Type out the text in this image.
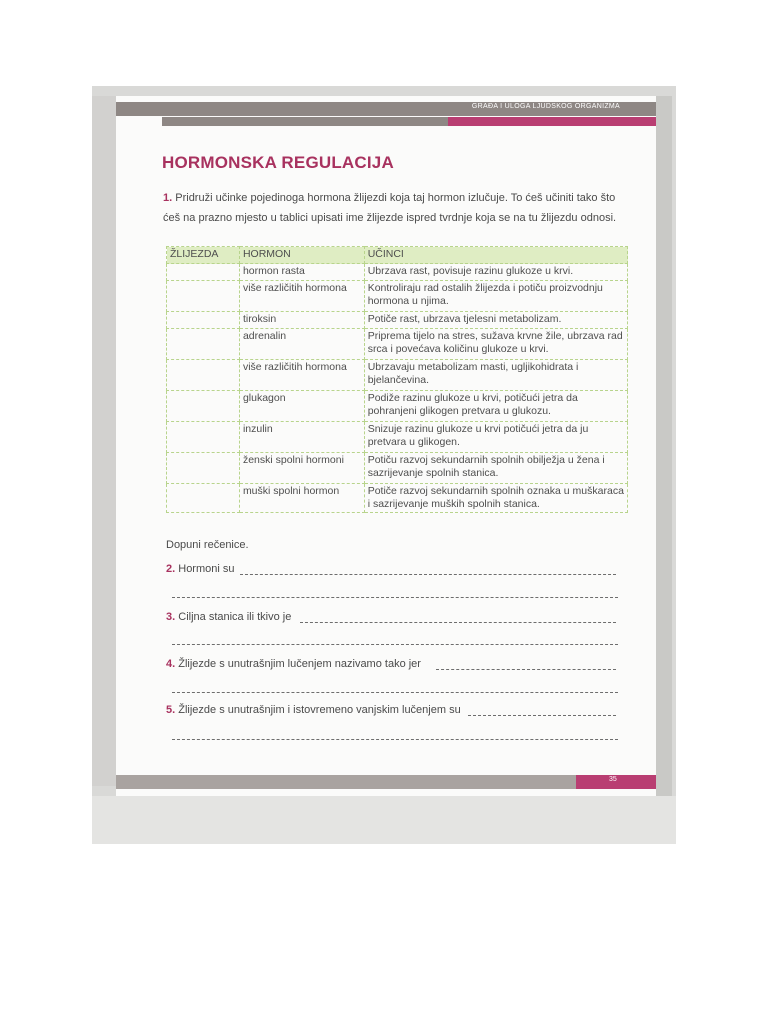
GRAĐA I ULOGA LJUDSKOG ORGANIZMA
HORMONSKA REGULACIJA
1. Pridruži učinke pojedinoga hormona žlijezdi koja taj hormon izlučuje. To ćeš učiniti tako što ćeš na prazno mjesto u tablici upisati ime žlijezde ispred tvrdnje koja se na tu žlijezdu odnosi.
ŽLIJEZDA	HORMON	UČINCI
	hormon rasta	Ubrzava rast, povisuje razinu glukoze u krvi.
	više različitih hormona	Kontroliraju rad ostalih žlijezda i potiču proizvodnju hormona u njima.
	tiroksin	Potiče rast, ubrzava tjelesni metabolizam.
	adrenalin	Priprema tijelo na stres, sužava krvne žile, ubrzava rad srca i povećava količinu glukoze u krvi.
	više različitih hormona	Ubrzavaju metabolizam masti, ugljikohidrata i bjelančevina.
	glukagon	Podiže razinu glukoze u krvi, potičući jetra da pohranjeni glikogen pretvara u glukozu.
	inzulin	Snizuje razinu glukoze u krvi potičući jetra da ju pretvara u glikogen.
	ženski spolni hormoni	Potiču razvoj sekundarnih spolnih obilježja u žena i sazrijevanje spolnih stanica.
	muški spolni hormon	Potiče razvoj sekundarnih spolnih oznaka u muškaraca i sazrijevanje muških spolnih stanica.
Dopuni rečenice.
2. Hormoni su
3. Ciljna stanica ili tkivo je
4. Žlijezde s unutrašnjim lučenjem nazivamo tako jer
5. Žlijezde s unutrašnjim i istovremeno vanjskim lučenjem su
35
